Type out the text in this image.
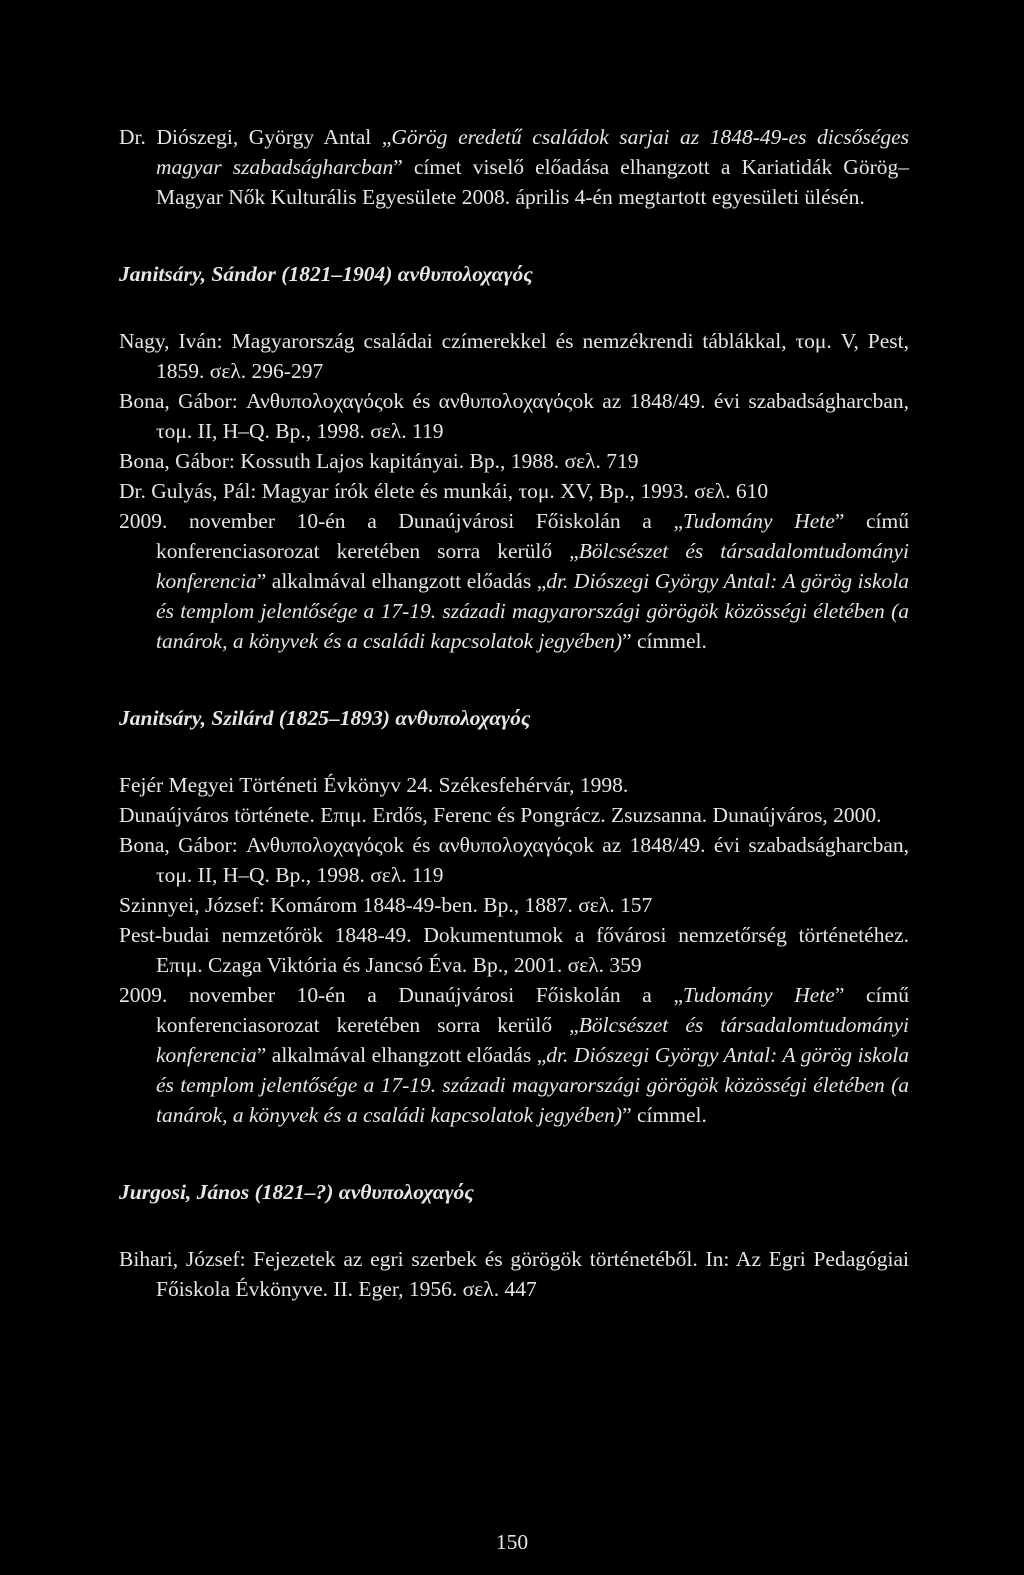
Dr. Diószegi, György Antal „Görög eredetű családok sarjai az 1848-49-es dicsőséges magyar szabadságharcban” címet viselő előadása elhangzott a Kariatidák Görög–Magyar Nők Kulturális Egyesülete 2008. április 4-én megtartott egyesületi ülésén.

Janitsáry, Sándor (1821–1904) ανθυπολοχαγός

Nagy, Iván: Magyarország családai czímerekkel és nemzékrendi táblákkal, τομ. V, Pest, 1859. σελ. 296-297

Bona, Gábor: Ανθυπολοχαγόςok és ανθυπολοχαγόςok az 1848/49. évi szabadságharcban, τομ. II, H–Q. Bp., 1998. σελ. 119

Bona, Gábor: Kossuth Lajos kapitányai. Bp., 1988. σελ. 719

Dr. Gulyás, Pál: Magyar írók élete és munkái, τομ. XV, Bp., 1993. σελ. 610

2009. november 10-én a Dunaújvárosi Főiskolán a „Tudomány Hete” című konferenciasorozat keretében sorra kerülő „Bölcsészet és társadalomtudományi konferencia” alkalmával elhangzott előadás „dr. Diószegi György Antal: A görög iskola és templom jelentősége a 17-19. századi magyarországi görögök közösségi életében (a tanárok, a könyvek és a családi kapcsolatok jegyében)” címmel.

Janitsáry, Szilárd (1825–1893) ανθυπολοχαγός

Fejér Megyei Történeti Évkönyv 24. Székesfehérvár, 1998.

Dunaújváros története. Επιμ. Erdős, Ferenc és Pongrácz. Zsuzsanna. Dunaújváros, 2000.

Bona, Gábor: Ανθυπολοχαγόςok és ανθυπολοχαγόςok az 1848/49. évi szabadságharcban, τομ. II, H–Q. Bp., 1998. σελ. 119

Szinnyei, József: Komárom 1848-49-ben. Bp., 1887. σελ. 157

Pest-budai nemzetőrök 1848-49. Dokumentumok a fővárosi nemzetőrség történetéhez. Επιμ. Czaga Viktória és Jancsó Éva. Bp., 2001. σελ. 359

2009. november 10-én a Dunaújvárosi Főiskolán a „Tudomány Hete” című konferenciasorozat keretében sorra kerülő „Bölcsészet és társadalomtudományi konferencia” alkalmával elhangzott előadás „dr. Diószegi György Antal: A görög iskola és templom jelentősége a 17-19. századi magyarországi görögök közösségi életében (a tanárok, a könyvek és a családi kapcsolatok jegyében)” címmel.

Jurgosi, János (1821–?) ανθυπολοχαγός

Bihari, József: Fejezetek az egri szerbek és görögök történetéből. In: Az Egri Pedagógiai Főiskola Évkönyve. II. Eger, 1956. σελ. 447

150
